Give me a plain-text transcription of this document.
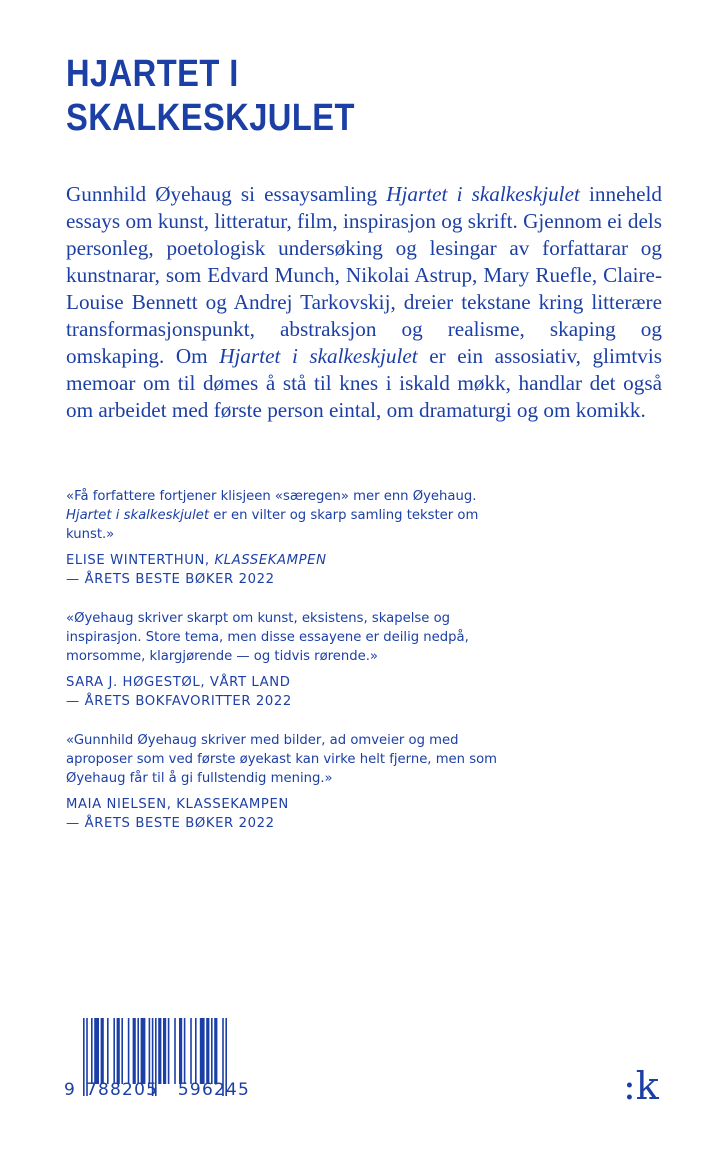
HJARTET I
SKALKESKJULET

Gunnhild Øyehaug si essaysamling Hjartet i skalkeskjulet inneheld essays om kunst, litteratur, film, inspirasjon og skrift. Gjennom ei dels personleg, poetologisk undersøking og lesingar av forfattarar og kunstnarar, som Edvard Munch, Nikolai Astrup, Mary Ruefle, Claire-Louise Bennett og Andrej Tarkovskij, dreier tekstane kring litterære transformasjonspunkt, abstraksjon og realisme, skaping og omskaping. Om Hjartet i skalkeskjulet er ein assosiativ, glimtvis memoar om til dømes å stå til knes i iskald møkk, handlar det også om arbeidet med første person eintal, om dramaturgi og om komikk.

«Få forfattere fortjener klisjeen «særegen» mer enn Øyehaug. Hjartet i skalkeskjulet er en vilter og skarp samling tekster om kunst.»

ELISE WINTERTHUN, KLASSEKAMPEN
— ÅRETS BESTE BØKER 2022

«Øyehaug skriver skarpt om kunst, eksistens, skapelse og inspirasjon. Store tema, men disse essayene er deilig nedpå, morsomme, klargjørende — og tidvis rørende.»

SARA J. HØGESTØL, VÅRT LAND
— ÅRETS BOKFAVORITTER 2022

«Gunnhild Øyehaug skriver med bilder, ad omveier og med aproposer som ved første øyekast kan virke helt fjerne, men som Øyehaug får til å gi fullstendig mening.»

MAIA NIELSEN, KLASSEKAMPEN
— ÅRETS BESTE BØKER 2022

9 788205   596245	:k
